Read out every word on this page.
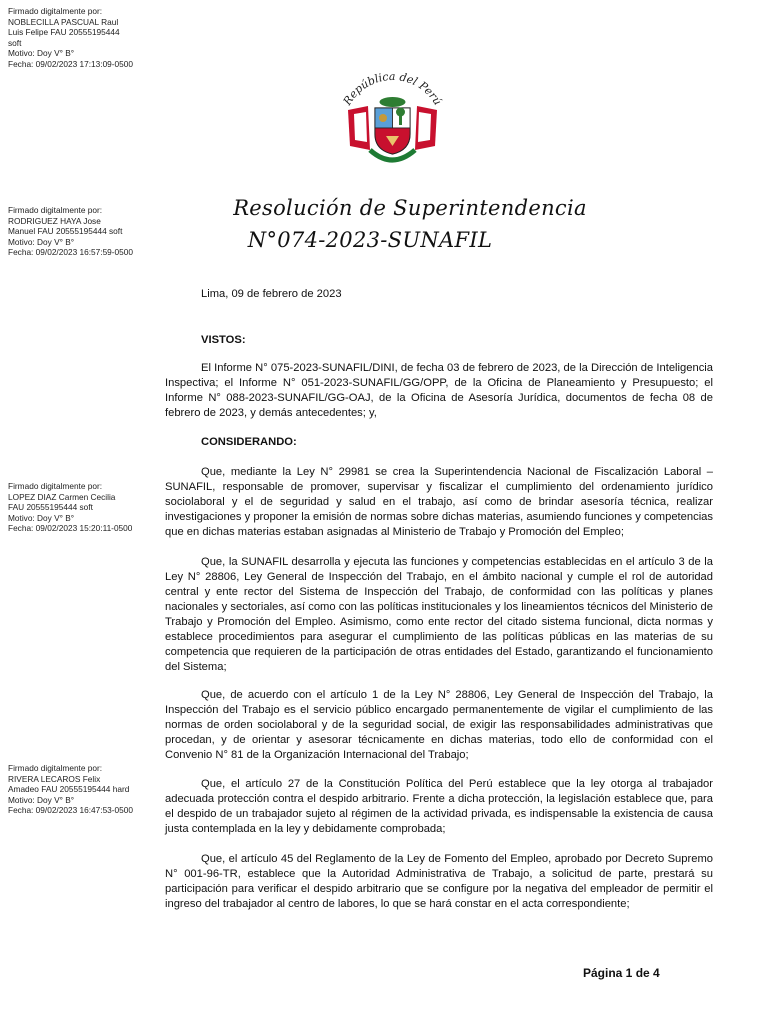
Firmado digitalmente por:
NOBLECILLA PASCUAL Raul
Luis Felipe FAU 20555195444
soft
Motivo: Doy V° B°
Fecha: 09/02/2023 17:13:09-0500
Firmado digitalmente por:
RODRIGUEZ HAYA Jose
Manuel FAU 20555195444 soft
Motivo: Doy V° B°
Fecha: 09/02/2023 16:57:59-0500
Firmado digitalmente por:
LOPEZ DIAZ Carmen Cecilia
FAU 20555195444 soft
Motivo: Doy V° B°
Fecha: 09/02/2023 15:20:11-0500
Firmado digitalmente por:
RIVERA LECAROS Felix
Amadeo FAU 20555195444 hard
Motivo: Doy V° B°
Fecha: 09/02/2023 16:47:53-0500
República del Perú
Resolución de Superintendencia
N°074-2023-SUNAFIL
Lima, 09 de febrero de 2023
VISTOS:
El Informe N° 075-2023-SUNAFIL/DINI, de fecha 03 de febrero de 2023, de la Dirección de Inteligencia Inspectiva; el Informe N° 051-2023-SUNAFIL/GG/OPP, de la Oficina de Planeamiento y Presupuesto; el Informe N° 088-2023-SUNAFIL/GG-OAJ, de la Oficina de Asesoría Jurídica, documentos de fecha 08 de febrero de 2023, y demás antecedentes; y,
CONSIDERANDO:
Que, mediante la Ley N° 29981 se crea la Superintendencia Nacional de Fiscalización Laboral – SUNAFIL, responsable de promover, supervisar y fiscalizar el cumplimiento del ordenamiento jurídico sociolaboral y el de seguridad y salud en el trabajo, así como de brindar asesoría técnica, realizar investigaciones y proponer la emisión de normas sobre dichas materias, asumiendo funciones y competencias que en dichas materias estaban asignadas al Ministerio de Trabajo y Promoción del Empleo;
Que, la SUNAFIL desarrolla y ejecuta las funciones y competencias establecidas en el artículo 3 de la Ley N° 28806, Ley General de Inspección del Trabajo, en el ámbito nacional y cumple el rol de autoridad central y ente rector del Sistema de Inspección del Trabajo, de conformidad con las políticas y planes nacionales y sectoriales, así como con las políticas institucionales y los lineamientos técnicos del Ministerio de Trabajo y Promoción del Empleo. Asimismo, como ente rector del citado sistema funcional, dicta normas y establece procedimientos para asegurar el cumplimiento de las políticas públicas en las materias de su competencia que requieren de la participación de otras entidades del Estado, garantizando el funcionamiento del Sistema;
Que, de acuerdo con el artículo 1 de la Ley N° 28806, Ley General de Inspección del Trabajo, la Inspección del Trabajo es el servicio público encargado permanentemente de vigilar el cumplimiento de las normas de orden sociolaboral y de la seguridad social, de exigir las responsabilidades administrativas que procedan, y de orientar y asesorar técnicamente en dichas materias, todo ello de conformidad con el Convenio N° 81 de la Organización Internacional del Trabajo;
Que, el artículo 27 de la Constitución Política del Perú establece que la ley otorga al trabajador adecuada protección contra el despido arbitrario. Frente a dicha protección, la legislación establece que, para el despido de un trabajador sujeto al régimen de la actividad privada, es indispensable la existencia de causa justa contemplada en la ley y debidamente comprobada;
Que, el artículo 45 del Reglamento de la Ley de Fomento del Empleo, aprobado por Decreto Supremo N° 001-96-TR, establece que la Autoridad Administrativa de Trabajo, a solicitud de parte, prestará su participación para verificar el despido arbitrario que se configure por la negativa del empleador de permitir el ingreso del trabajador al centro de labores, lo que se hará constar en el acta correspondiente;
Página 1 de 4
